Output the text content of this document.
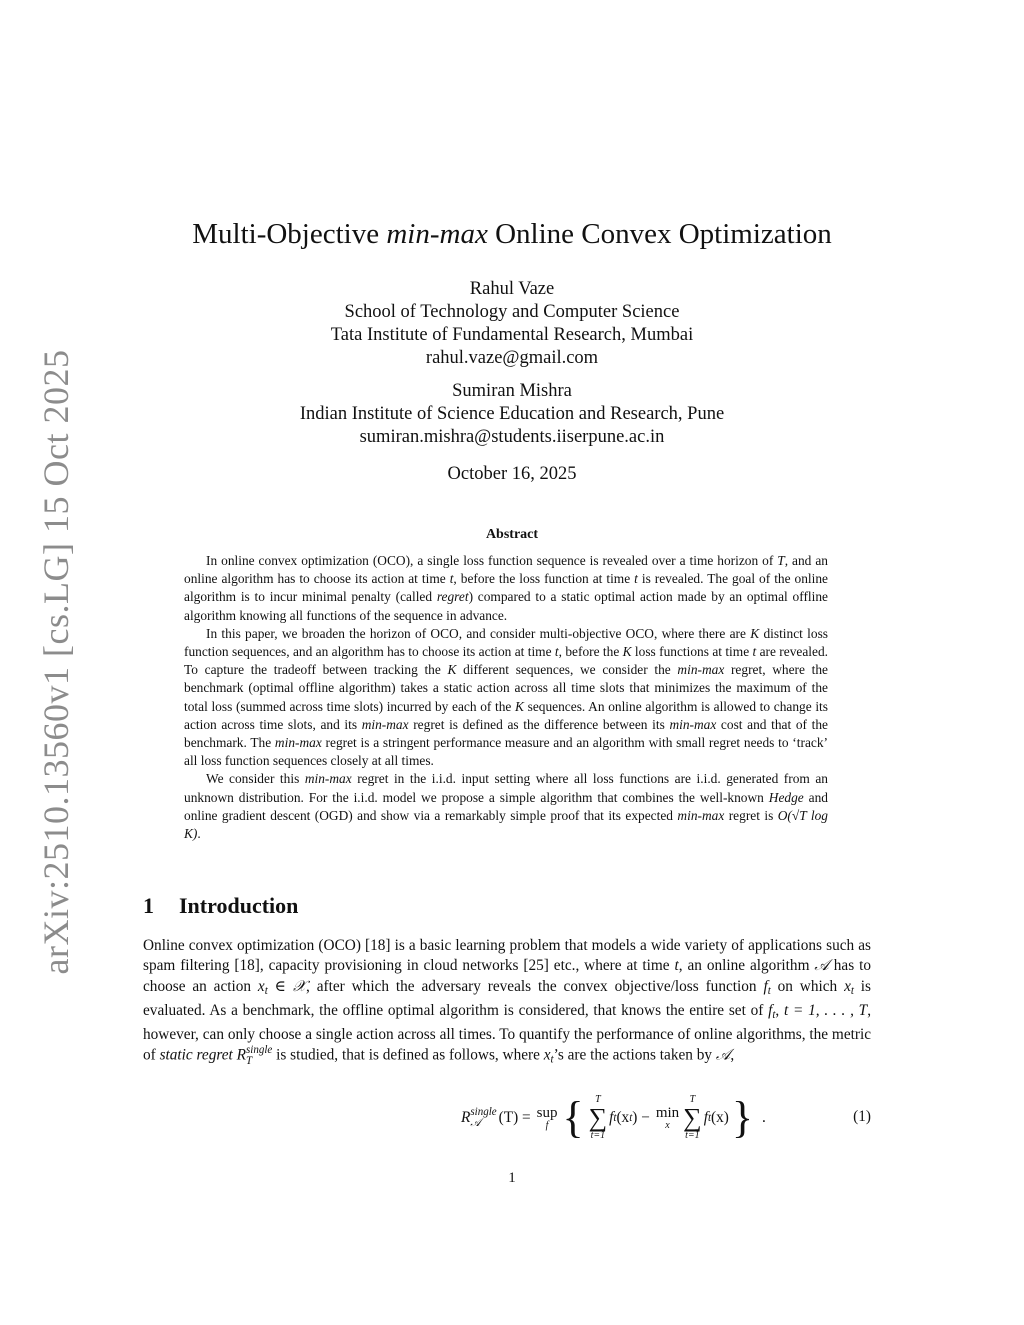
arXiv:2510.13560v1 [cs.LG] 15 Oct 2025
Multi-Objective min-max Online Convex Optimization
Rahul Vaze
School of Technology and Computer Science
Tata Institute of Fundamental Research, Mumbai
rahul.vaze@gmail.com
Sumiran Mishra
Indian Institute of Science Education and Research, Pune
sumiran.mishra@students.iiserpune.ac.in
October 16, 2025
Abstract

In online convex optimization (OCO), a single loss function sequence is revealed over a time horizon of T, and an online algorithm has to choose its action at time t, before the loss function at time t is revealed. The goal of the online algorithm is to incur minimal penalty (called regret) compared to a static optimal action made by an optimal offline algorithm knowing all functions of the sequence in advance.

In this paper, we broaden the horizon of OCO, and consider multi-objective OCO, where there are K distinct loss function sequences, and an algorithm has to choose its action at time t, before the K loss functions at time t are revealed. To capture the tradeoff between tracking the K different sequences, we consider the min-max regret, where the benchmark (optimal offline algorithm) takes a static action across all time slots that minimizes the maximum of the total loss (summed across time slots) incurred by each of the K sequences. An online algorithm is allowed to change its action across time slots, and its min-max regret is defined as the difference between its min-max cost and that of the benchmark. The min-max regret is a stringent performance measure and an algorithm with small regret needs to ‘track’ all loss function sequences closely at all times.

We consider this min-max regret in the i.i.d. input setting where all loss functions are i.i.d. generated from an unknown distribution. For the i.i.d. model we propose a simple algorithm that combines the well-known Hedge and online gradient descent (OGD) and show via a remarkably simple proof that its expected min-max regret is O(√T log K).

1 Introduction

Online convex optimization (OCO) [18] is a basic learning problem that models a wide variety of applications such as spam filtering [18], capacity provisioning in cloud networks [25] etc., where at time t, an online algorithm 𝒜 has to choose an action $x_t$ ∈ 𝒳, after which the adversary reveals the convex objective/loss function $f_t$ on which $x_t$ is evaluated. As a benchmark, the offline optimal algorithm is considered, that knows the entire set of $f_t$, t = 1, . . . , T, however, can only choose a single action across all times. To quantify the performance of online algorithms, the metric of static regret R single
T	is studied, that is defined as follows, where $x_t’s$ are the actions taken by 𝒜,

R single
𝒜	(T) = sup
f { T
∑
t=1
f t (x t ) − min
x
T
∑
t=1
f t (x) } .	(1)
1
